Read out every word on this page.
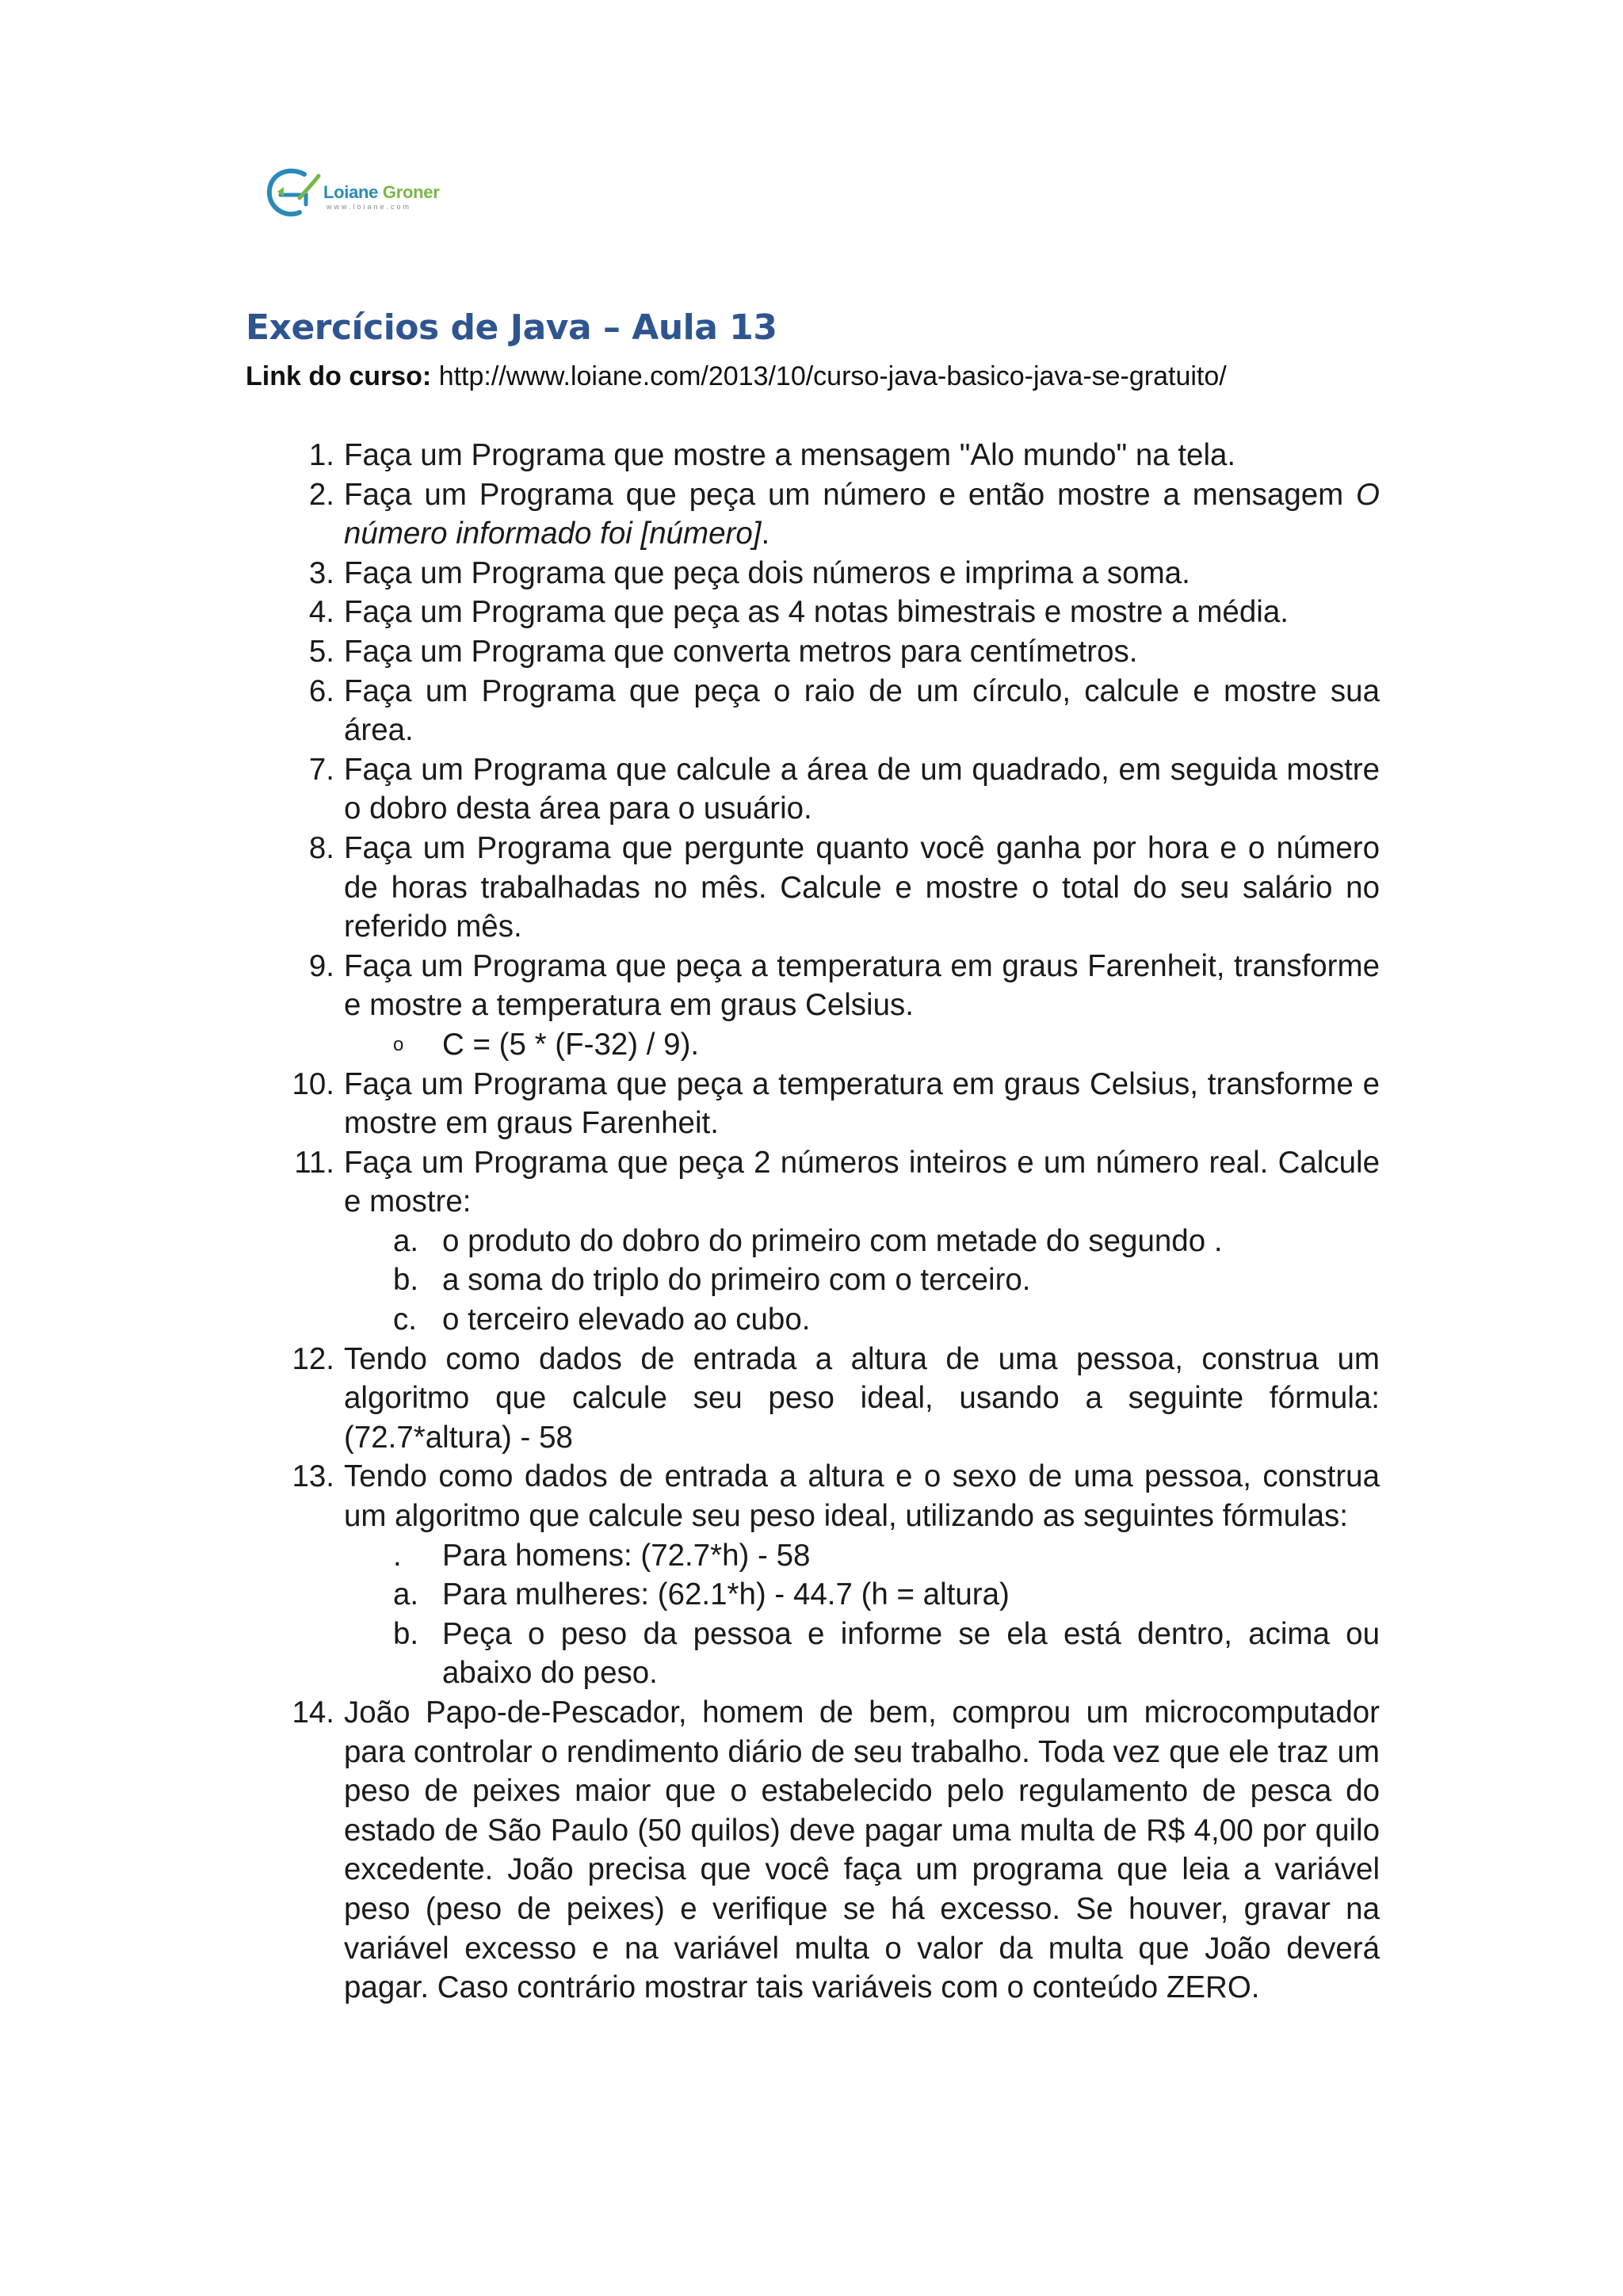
Loiane Groner
www.loiane.com
Exercícios de Java – Aula 13
Link do curso: http://www.loiane.com/2013/10/curso-java-basico-java-se-gratuito/
1. Faça um Programa que mostre a mensagem "Alo mundo" na tela.
2. Faça um Programa que peça um número e então mostre a mensagem O número informado foi [número].
3. Faça um Programa que peça dois números e imprima a soma.
4. Faça um Programa que peça as 4 notas bimestrais e mostre a média.
5. Faça um Programa que converta metros para centímetros.
6. Faça um Programa que peça o raio de um círculo, calcule e mostre sua área.
7. Faça um Programa que calcule a área de um quadrado, em seguida mostre o dobro desta área para o usuário.
8. Faça um Programa que pergunte quanto você ganha por hora e o número de horas trabalhadas no mês. Calcule e mostre o total do seu salário no referido mês.
9. Faça um Programa que peça a temperatura em graus Farenheit, transforme e mostre a temperatura em graus Celsius.
o	C = (5 * (F-32) / 9).
10. Faça um Programa que peça a temperatura em graus Celsius, transforme e mostre em graus Farenheit.
11. Faça um Programa que peça 2 números inteiros e um número real. Calcule e mostre:
a. o produto do dobro do primeiro com metade do segundo .
b. a soma do triplo do primeiro com o terceiro.
c. o terceiro elevado ao cubo.
12. Tendo como dados de entrada a altura de uma pessoa, construa um algoritmo que calcule seu peso ideal, usando a seguinte fórmula: (72.7*altura) - 58
13. Tendo como dados de entrada a altura e o sexo de uma pessoa, construa um algoritmo que calcule seu peso ideal, utilizando as seguintes fórmulas:
.	Para homens: (72.7*h) - 58
a. Para mulheres: (62.1*h) - 44.7 (h = altura)
b. Peça o peso da pessoa e informe se ela está dentro, acima ou abaixo do peso.
14. João Papo-de-Pescador, homem de bem, comprou um microcomputador para controlar o rendimento diário de seu trabalho. Toda vez que ele traz um peso de peixes maior que o estabelecido pelo regulamento de pesca do estado de São Paulo (50 quilos) deve pagar uma multa de R$ 4,00 por quilo excedente. João precisa que você faça um programa que leia a variável peso (peso de peixes) e verifique se há excesso. Se houver, gravar na variável excesso e na variável multa o valor da multa que João deverá pagar. Caso contrário mostrar tais variáveis com o conteúdo ZERO.
